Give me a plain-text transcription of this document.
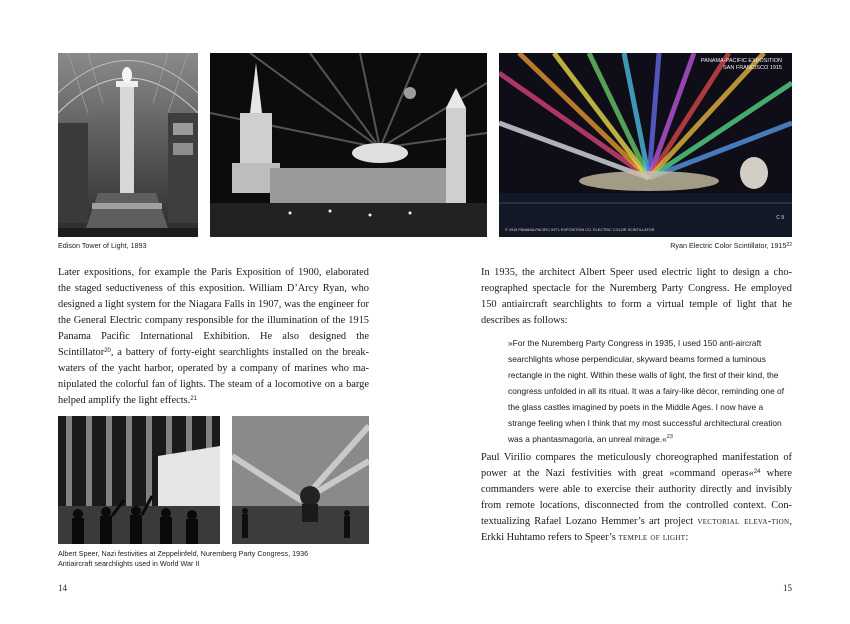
PANAMA-PACIFIC EXPOSITION
SAN FRANCISCO 1915
© 1915 PANAMA-PACIFIC INT'L EXPOSITION CO. ELECTRIC COLOR SCINTILLATOR
C 9
Edison Tower of Light, 1893	Ryan Electric Color Scintillator, 1915$^{22}$

Later expositions, for example the Paris Exposition of 1900, elaborated the staged seductiveness of this exposition. William D’Arcy Ryan, who designed a light system for the Niagara Falls in 1907, was the engineer for the General Electric company responsible for the illumination of the 1915 Panama Pacific International Exhibition. He also designed the Scintillator$^{20}$, a battery of forty-eight searchlights installed on the break-waters of the yacht harbor, operated by a company of marines who ma-nipulated the colorful fan of lights. The steam of a locomotive on a barge helped amplify the light effects.$^{21}$

Albert Speer, Nazi festivities at Zeppelinfeld, Nuremberg Party Congress, 1936
Antiaircraft searchlights used in World War II

In 1935, the architect Albert Speer used electric light to design a cho-reographed spectacle for the Nuremberg Party Congress. He employed 150 antiaircraft searchlights to form a virtual temple of light that he describes as follows:

»For the Nuremberg Party Congress in 1935, I used 150 anti-aircraft searchlights whose perpendicular, skyward beams formed a luminous rectangle in the night. Within these walls of light, the first of their kind, the congress unfolded in all its ritual. It was a fairy-like décor, reminding one of the glass castles imagined by poets in the Middle Ages. I now have a strange feeling when I think that my most successful architectural creation was a phantasmagoria, an unreal mirage.«$^{23}$

Paul Virilio compares the meticulously choreographed manifestation of power at the Nazi festivities with great »command operas«$^{24}$ where commanders were able to exercise their authority directly and invisibly from remote locations, disconnected from the controlled context. Con-textualizing Rafael Lozano Hemmer’s art project vectorial eleva-tion, Erkki Huhtamo refers to Speer’s temple of light:

14	15
